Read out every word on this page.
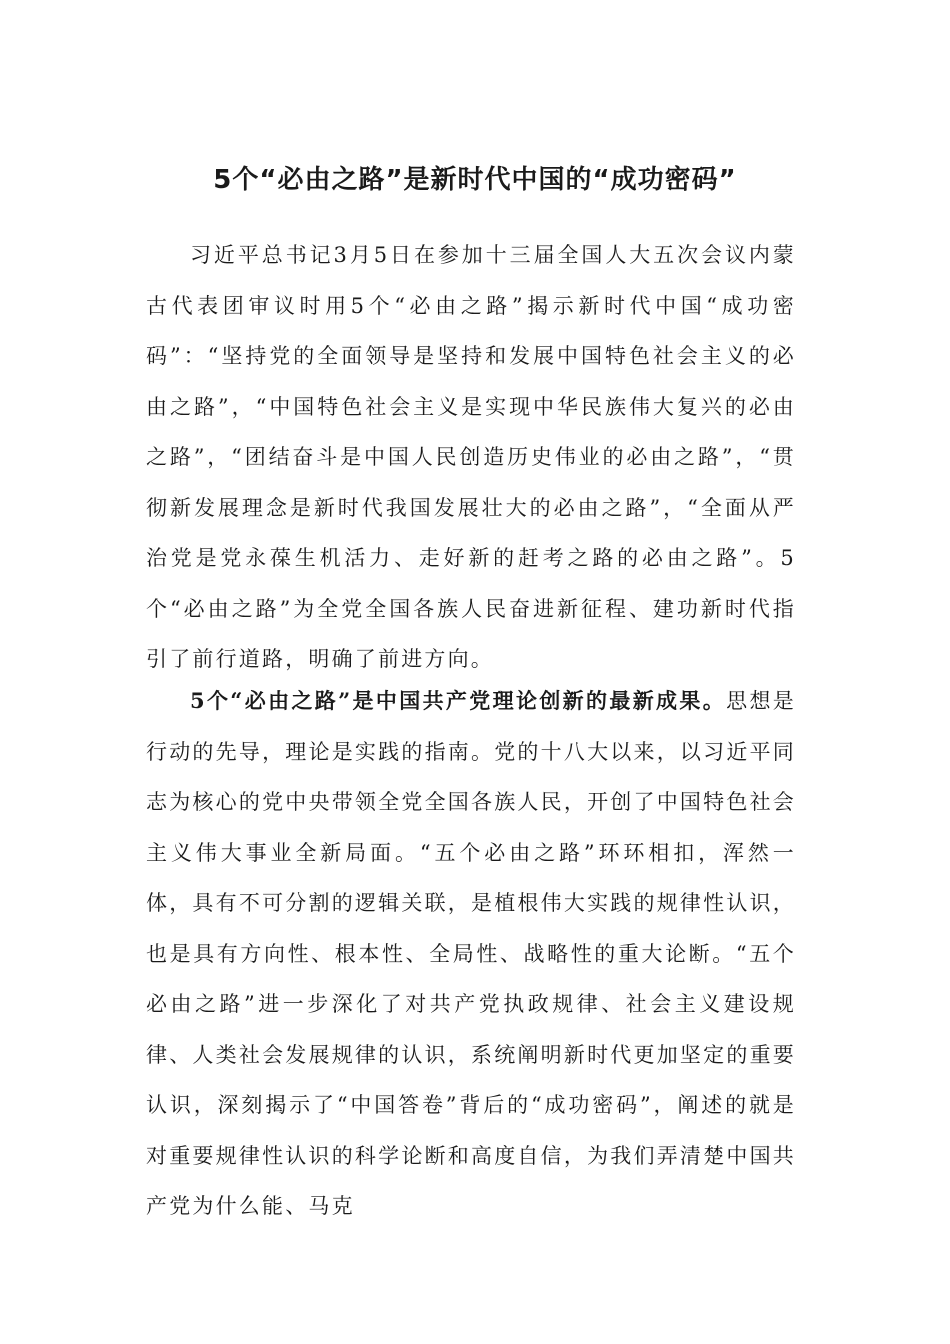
5个“必由之路”是新时代中国的“成功密码”

习近平总书记3月5日在参加十三届全国人大五次会议内蒙古代表团审议时用5个“必由之路”揭示新时代中国“成功密码”：“坚持党的全面领导是坚持和发展中国特色社会主义的必由之路”，“中国特色社会主义是实现中华民族伟大复兴的必由之路”，“团结奋斗是中国人民创造历史伟业的必由之路”，“贯彻新发展理念是新时代我国发展壮大的必由之路”，“全面从严治党是党永葆生机活力、走好新的赶考之路的必由之路”。5个“必由之路”为全党全国各族人民奋进新征程、建功新时代指引了前行道路，明确了前进方向。

5个“必由之路”是中国共产党理论创新的最新成果。思想是行动的先导，理论是实践的指南。党的十八大以来，以习近平同志为核心的党中央带领全党全国各族人民，开创了中国特色社会主义伟大事业全新局面。“五个必由之路”环环相扣，浑然一体，具有不可分割的逻辑关联，是植根伟大实践的规律性认识，也是具有方向性、根本性、全局性、战略性的重大论断。“五个必由之路”进一步深化了对共产党执政规律、社会主义建设规律、人类社会发展规律的认识，系统阐明新时代更加坚定的重要认识，深刻揭示了“中国答卷”背后的“成功密码”，阐述的就是对重要规律性认识的科学论断和高度自信，为我们弄清楚中国共产党为什么能、马克
